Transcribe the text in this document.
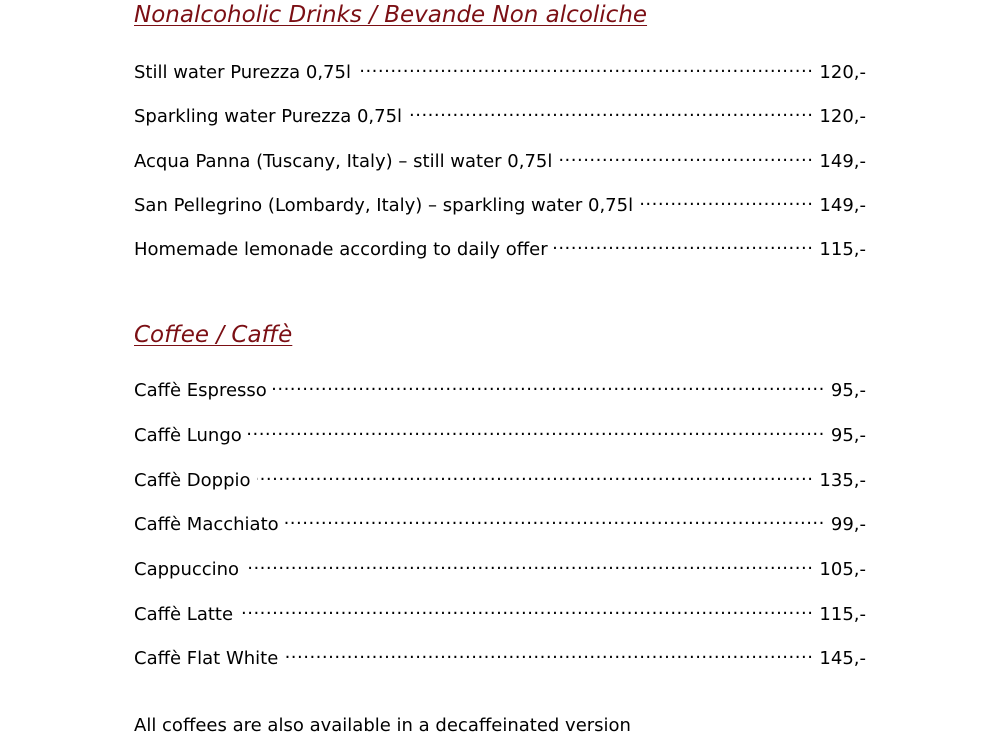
Nonalcoholic Drinks / Bevande Non alcoliche
Still water Purezza 0,75l .....	120,-
Sparkling water Purezza 0,75l .....	120,-
Acqua Panna (Tuscany, Italy) – still water 0,75l .....	149,-
San Pellegrino (Lombardy, Italy) – sparkling water 0,75l .....	149,-
Homemade lemonade according to daily offer .....	115,-
Coffee / Caffè
Caffè Espresso .....	95,-
Caffè Lungo .....	95,-
Caffè Doppio .....	135,-
Caffè Macchiato .....	99,-
Cappuccino .....	105,-
Caffè Latte .....	115,-
Caffè Flat White .....	145,-
All coffees are also available in a decaffeinated version
